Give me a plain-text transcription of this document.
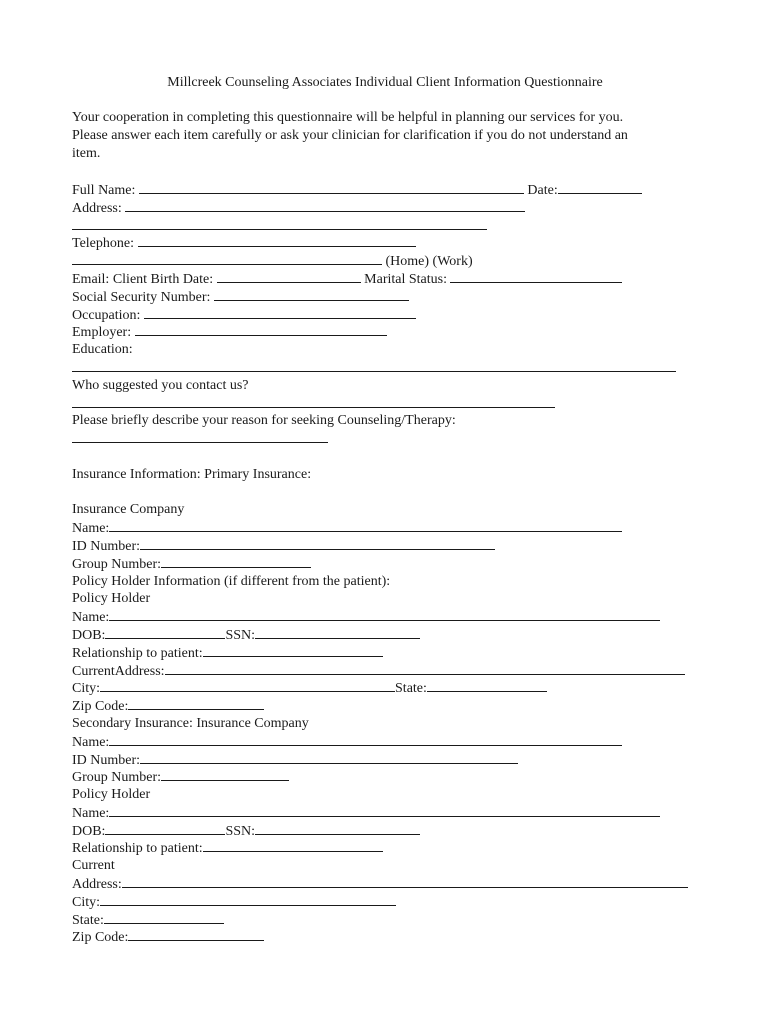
Millcreek Counseling Associates Individual Client Information Questionnaire
Your cooperation in completing this questionnaire will be helpful in planning our services for you.
Please answer each item carefully or ask your clinician for clarification if you do not understand an
item.
Full Name:	Date:
Address:
Telephone:
(Home) (Work)
Email: Client Birth Date:	Marital Status:
Social Security Number:
Occupation:
Employer:
Education:
Who suggested you contact us?
Please briefly describe your reason for seeking Counseling/Therapy:
Insurance Information: Primary Insurance:
Insurance Company
Name:
ID Number:
Group Number:
Policy Holder Information (if different from the patient):
Policy Holder
Name:
DOB:	SSN:
Relationship to patient:
CurrentAddress:
City:	State:
Zip Code:
Secondary Insurance: Insurance Company
Name:
ID Number:
Group Number:
Policy Holder
Name:
DOB:	SSN:
Relationship to patient:
Current
Address:
City:
State:
Zip Code:
